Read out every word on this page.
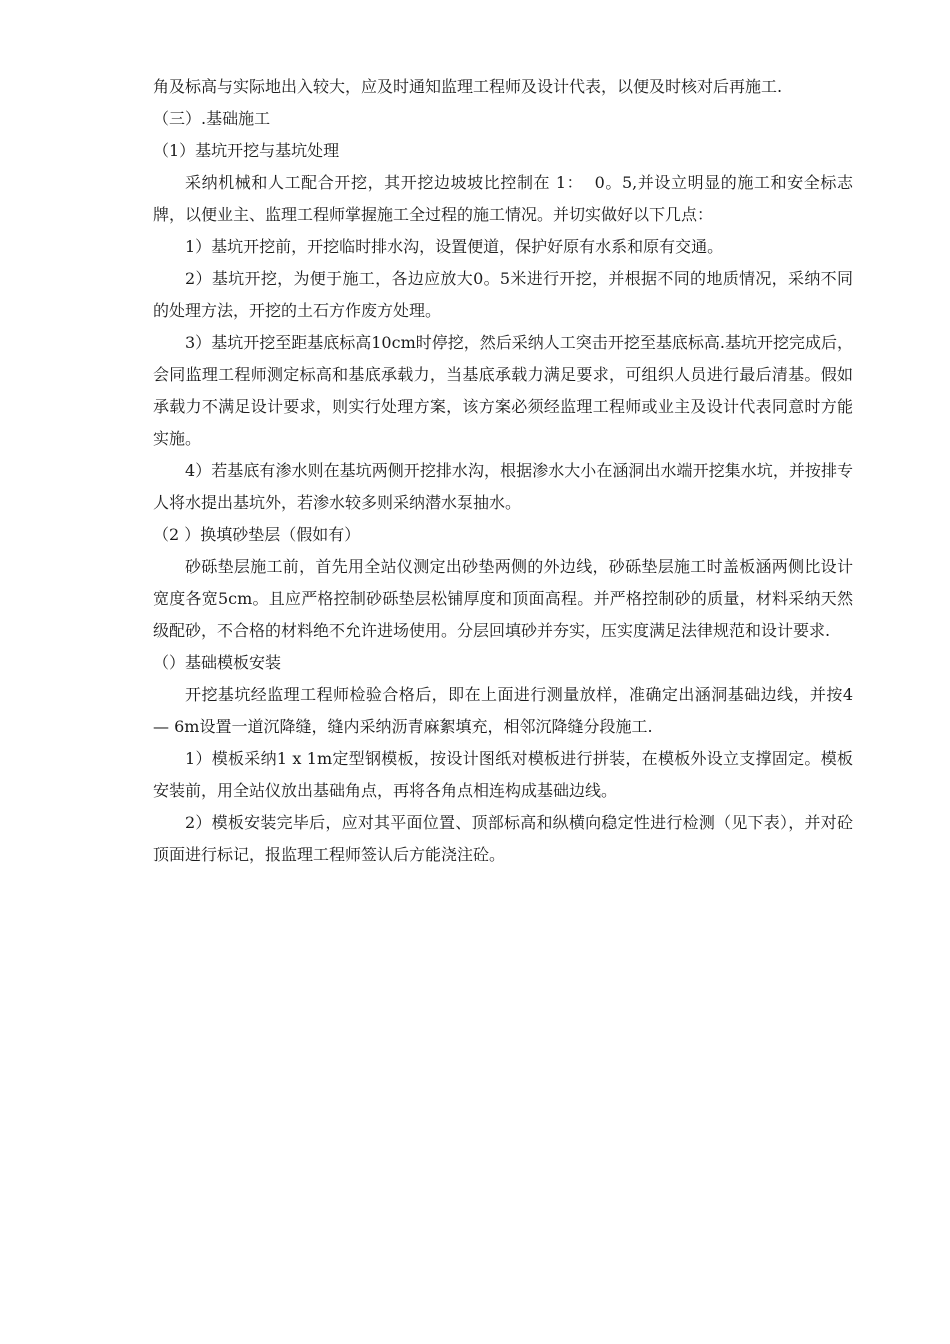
角及标高与实际地出入较大，应及时通知监理工程师及设计代表，以便及时核对后再施工.

（三）.基础施工

（1）基坑开挖与基坑处理

采纳机械和人工配合开挖，其开挖边坡坡比控制在 1：  0。5,并设立明显的施工和安全标志牌，以便业主、监理工程师掌握施工全过程的施工情况。并切实做好以下几点：

1）基坑开挖前，开挖临时排水沟，设置便道，保护好原有水系和原有交通。

2）基坑开挖，为便于施工，各边应放大0。5米进行开挖，并根据不同的地质情况，采纳不同的处理方法，开挖的土石方作废方处理。

3）基坑开挖至距基底标高10cm时停挖，然后采纳人工突击开挖至基底标高.基坑开挖完成后，会同监理工程师测定标高和基底承载力，当基底承载力满足要求，可组织人员进行最后清基。假如承载力不满足设计要求，则实行处理方案，该方案必须经监理工程师或业主及设计代表同意时方能实施。

4）若基底有渗水则在基坑两侧开挖排水沟，根据渗水大小在涵洞出水端开挖集水坑，并按排专人将水提出基坑外，若渗水较多则采纳潜水泵抽水。

（2 ）换填砂垫层（假如有）

砂砾垫层施工前，首先用全站仪测定出砂垫两侧的外边线，砂砾垫层施工时盖板涵两侧比设计宽度各宽5cm。且应严格控制砂砾垫层松铺厚度和顶面高程。并严格控制砂的质量，材料采纳天然级配砂，不合格的材料绝不允许进场使用。分层回填砂并夯实，压实度满足法律规范和设计要求.

（）基础模板安装

开挖基坑经监理工程师检验合格后，即在上面进行测量放样，准确定出涵洞基础边线，并按4 — 6m设置一道沉降缝，缝内采纳沥青麻絮填充，相邻沉降缝分段施工.

1）模板采纳1 x 1m定型钢模板，按设计图纸对模板进行拼装，在模板外设立支撑固定。模板安装前，用全站仪放出基础角点，再将各角点相连构成基础边线。

2）模板安装完毕后，应对其平面位置、顶部标高和纵横向稳定性进行检测（见下表），并对砼顶面进行标记，报监理工程师签认后方能浇注砼。
